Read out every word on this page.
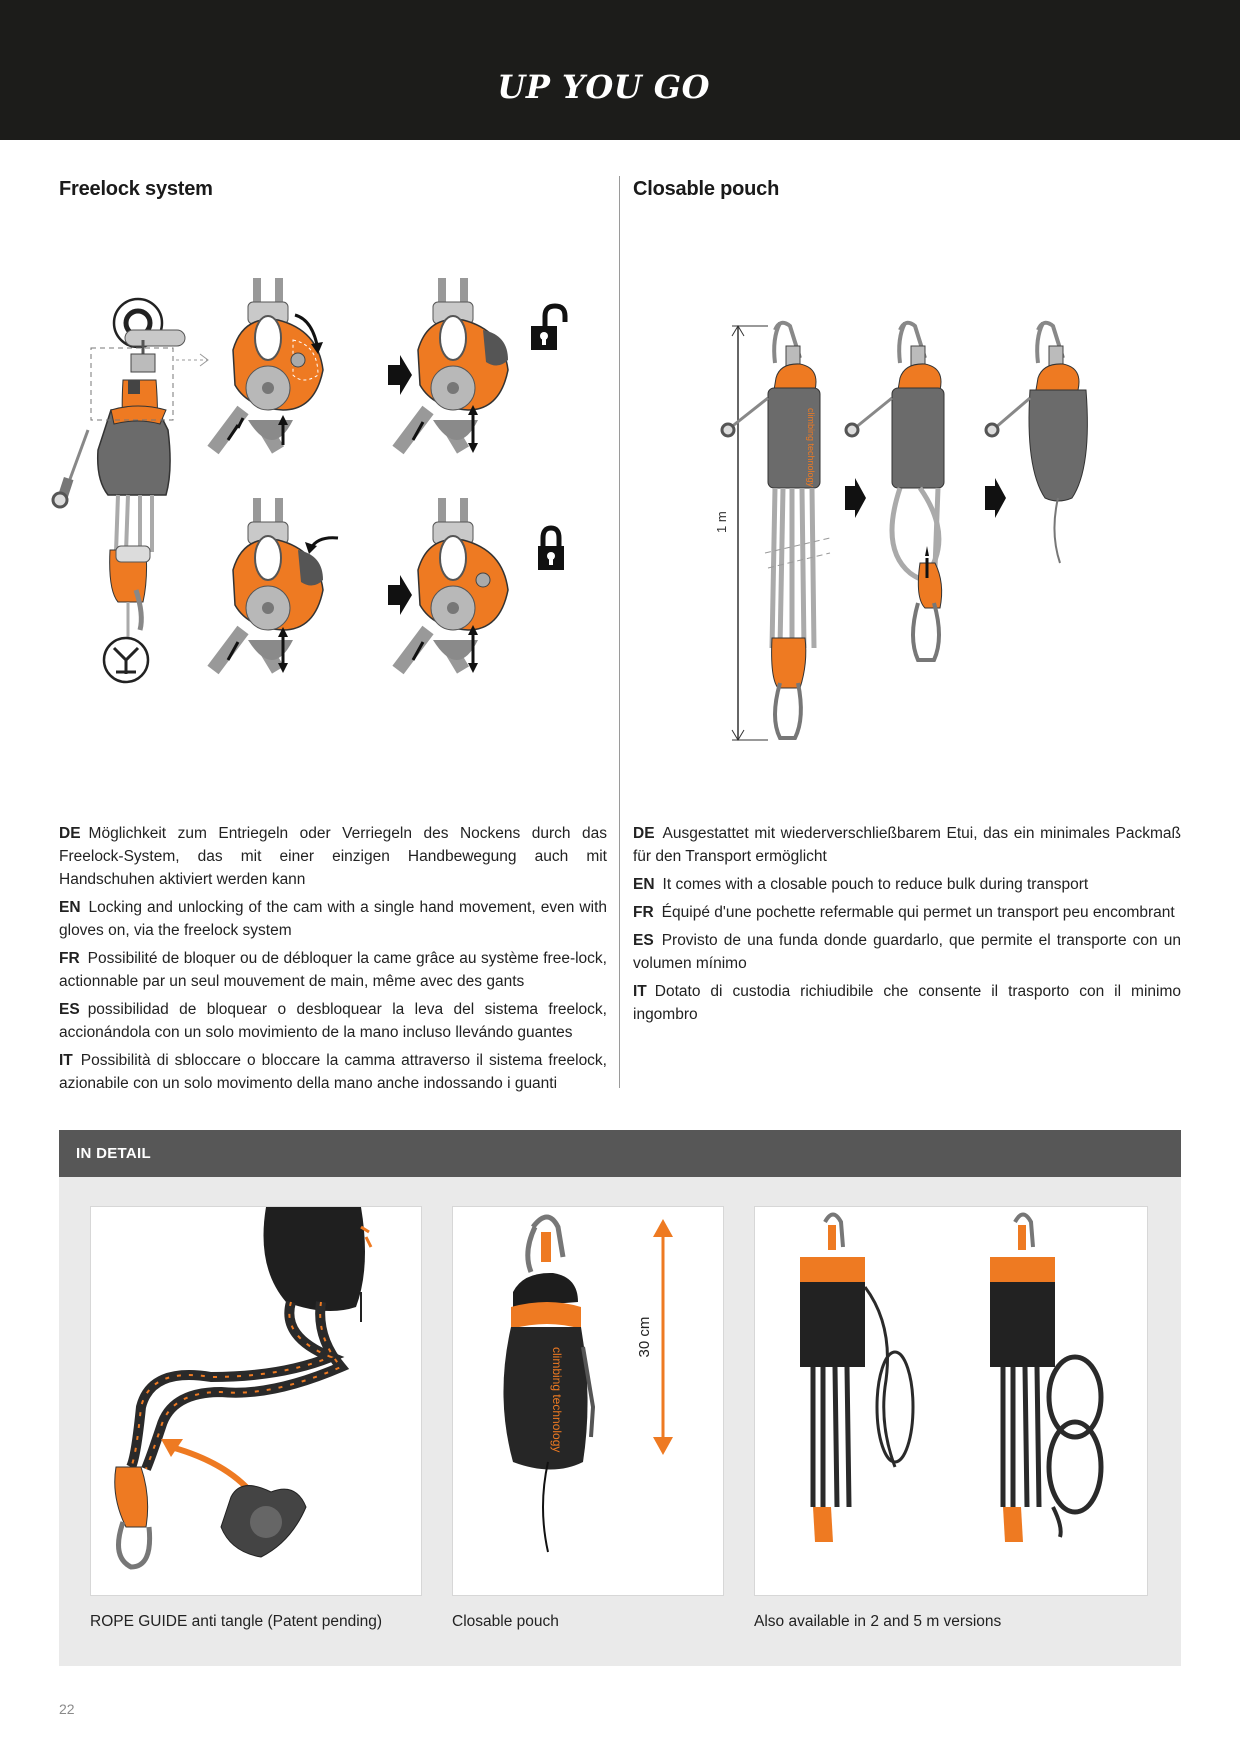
UP YOU GO
Freelock system	Closable pouch
1 m
climbing technology

DE Möglichkeit zum Entriegeln oder Verriegeln des Nockens durch das Freelock-System, das mit einer einzigen Handbewegung auch mit Handschuhen aktiviert werden kann

EN Locking and unlocking of the cam with a single hand movement, even with gloves on, via the freelock system

FR Possibilité de bloquer ou de débloquer la came grâce au système free-lock, actionnable par un seul mouvement de main, même avec des gants

ES possibilidad de bloquear o desbloquear la leva del sistema freelock, accionándola con un solo movimiento de la mano incluso llevándo guantes

IT Possibilità di sbloccare o bloccare la camma attraverso il sistema freelock, azionabile con un solo movimento della mano anche indossando i guanti

DE Ausgestattet mit wiederverschließbarem Etui, das ein minimales Packmaß für den Transport ermöglicht

EN It comes with a closable pouch to reduce bulk during transport

FR Équipé d'une pochette refermable qui permet un transport peu encombrant

ES Provisto de una funda donde guardarlo, que permite el transporte con un volumen mínimo

IT Dotato di custodia richiudibile che consente il trasporto con il minimo ingombro

IN DETAIL
climbing technology
30 cm
ROPE GUIDE anti tangle (Patent pending)	Closable pouch	Also available in 2 and 5 m versions
22
